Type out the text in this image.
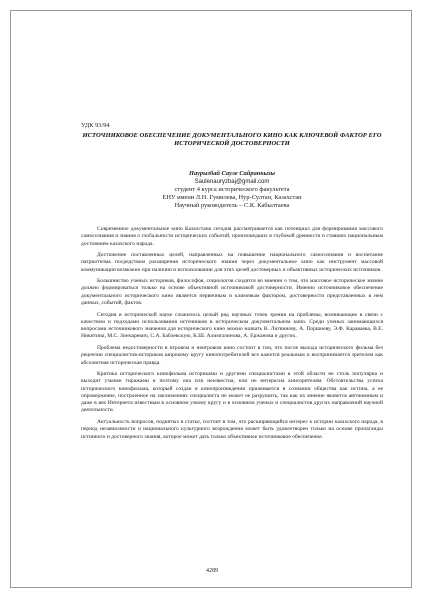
УДК 93/94
ИСТОЧНИКОВОЕ ОБЕСПЕЧЕНИЕ ДОКУМЕНТАЛЬНОГО КИНО КАК КЛЮЧЕВОЙ ФАКТОР ЕГО ИСТОРИЧЕСКОЙ ДОСТОВЕРНОСТИ
Наурызбай Сауле Сайранкызы
Saulenauryzbaj@gmail.com
студент 4 курса исторического факультета
ЕНУ имени Л.Н. Гумилева, Нур-Султан, Казахстан
Научный руководитель – С.К. Кабылтаева

Современное документальное кино Казахстана сегодня рассматривается как потенциал для формирования массового самосознания и знания о глобальности исторических событий, произошедших в глубокой древности и ставших национальным достоянием казахского народа.

Достижение поставленных целей, направленных на повышение национального самосознания и воспитание патриотизма посредством расширения исторического знания через документальное кино как инструмент массовой коммуникации возможно при наличии и использовании для этих целей достоверных и объективных исторических источников.

Большинство ученых историков, философов, социологов сходятся во мнении о том, что массовое историческое знание должно формироваться только на основе объективной источниковой достоверности. Именно источниковое обеспечение документального исторического кино является первичным и ключевым фактором, достоверности представленных в нем данных, событий, фактов.

Сегодня в исторической науке сложилось целый ряд научных точек зрения на проблемы, возникающие в связи с качеством и подходами использования источников в историческом документальном кино. Среди ученых занимающихся вопросами источникового значения для исторического кино можно назвать В. Литвинову, А. Поршневу, Э.Ф. Караваева, В.Е. Никитина, М.С. Зинчаревич, С.А. Баблевскую, К.Ш. Алимгазинова, А. Ержанова и других.

Проблема недостоверности в игровом и неигровом кино состоит в том, что после выхода исторического фильма без рецензии специалистов-историков широкому кругу кинопотребителей все кажется реальным и воспринимается зрителем как абсолютная историческая правда.

Критика исторического кинофильма историками и другими специалистами в этой области не столь популярна и выходит узкими тиражами и поэтому она или неизвестна, или не интересна кинозрителям. Обстоятельства успеха исторического кинофильма, который создан в кинопроизведении приживается в сознании общества как истина, а ее опровержение, построенное на заключениях специалиста не может ее разрушить, так как их мнение является автономным и даже в век Интернета известным в основном узкому кругу и в основном ученых и специалистов других направлений научной деятельности.

Актуальность вопросов, поднятых в статье, состоит в том, что расширяющийся интерес к истории казахского народа, в период независимости и национального культурного возрождения может быть удовлетворен только на основе пропаганды истинного и достоверного знания, которое может дать только объективное источниковое обеспечение.

4289
